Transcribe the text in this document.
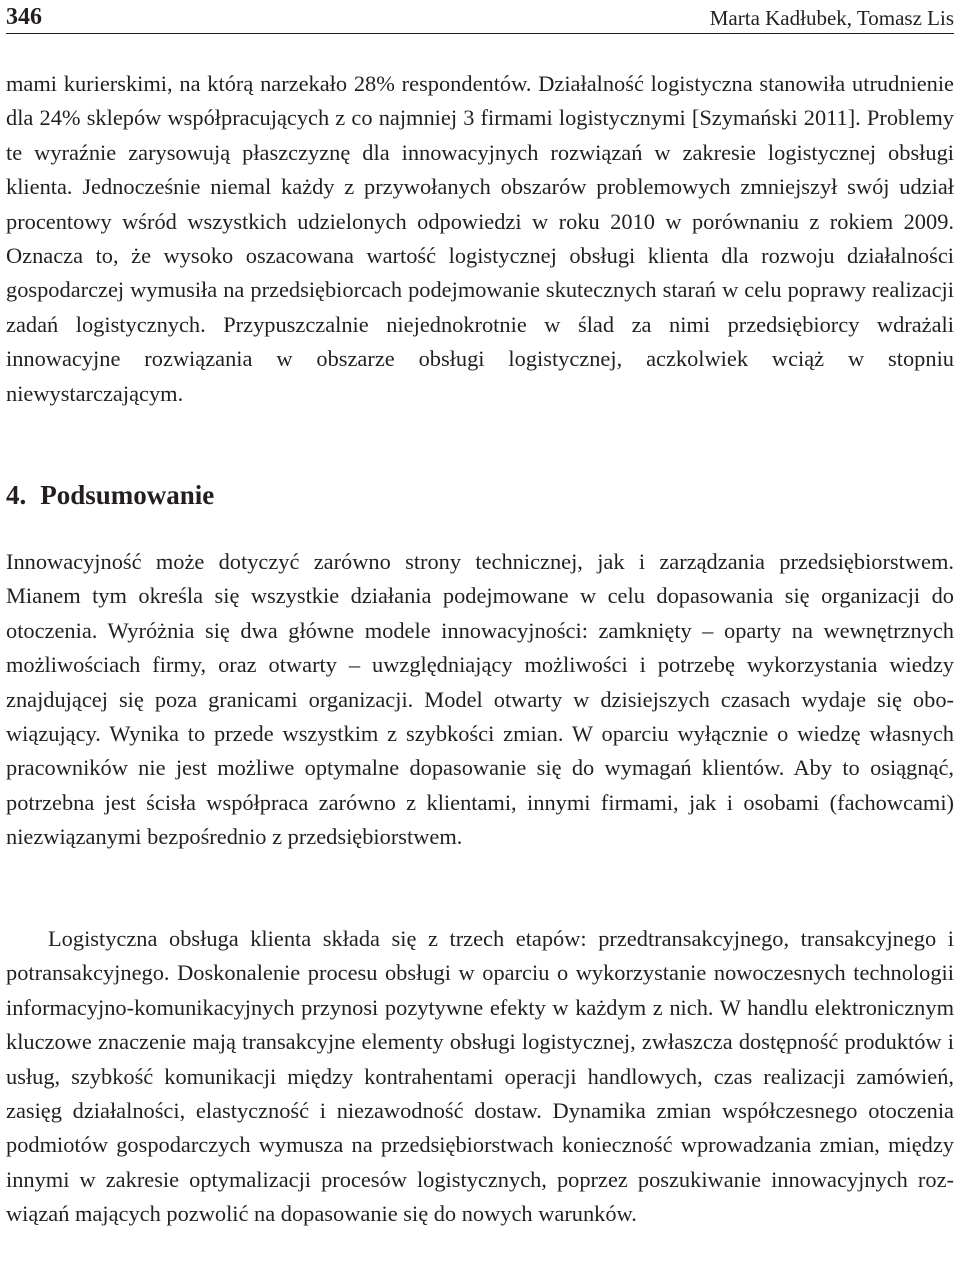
346	Marta Kadłubek, Tomasz Lis

mami kurierskimi, na którą narzekało 28% respondentów. Działalność logistyczna stanowiła utrudnienie dla 24% sklepów współpracujących z co najmniej 3 firmami logistycznymi [Szymański 2011]. Problemy te wyraźnie zarysowują płaszczyznę dla innowacyjnych rozwiązań w zakresie logistycznej obsługi klienta. Jednocześnie niemal każdy z przywołanych obszarów problemowych zmniejszył swój udział procentowy wśród wszystkich udzielonych odpowiedzi w roku 2010 w porównaniu z rokiem 2009. Oznacza to, że wysoko oszacowana wartość logistycznej obsługi klienta dla rozwoju działalności gospodarczej wymusiła na przedsiębiorcach podejmowanie skutecznych starań w celu poprawy realizacji zadań logistycznych. Przypuszczalnie niejednokrotnie w ślad za nimi przedsiębiorcy wdrażali innowacyjne rozwiązania w obszarze obsługi logistycznej, aczkolwiek wciąż w stopniu niewystarczającym.

4. Podsumowanie

Innowacyjność może dotyczyć zarówno strony technicznej, jak i zarządzania przedsiębiorstwem. Mianem tym określa się wszystkie działania podejmowane w celu dopasowania się organizacji do otoczenia. Wyróżnia się dwa główne modele innowacyjności: zamknięty – oparty na wewnętrznych możliwościach firmy, oraz otwarty – uwzględniający możliwości i potrzebę wykorzystania wiedzy znajdującej się poza granicami organizacji. Model otwarty w dzisiejszych czasach wydaje się obowiązujący. Wynika to przede wszystkim z szybkości zmian. W oparciu wyłącznie o wiedzę własnych pracowników nie jest możliwe optymalne dopasowanie się do wymagań klientów. Aby to osiągnąć, potrzebna jest ścisła współpraca zarówno z klientami, innymi firmami, jak i osobami (fachowcami) niezwiązanymi bezpośrednio z przedsiębiorstwem.

Logistyczna obsługa klienta składa się z trzech etapów: przedtransakcyjnego, transakcyjnego i potransakcyjnego. Doskonalenie procesu obsługi w oparciu o wykorzystanie nowoczesnych technologii informacyjno-komunikacyjnych przynosi pozytywne efekty w każdym z nich. W handlu elektronicznym kluczowe znaczenie mają transakcyjne elementy obsługi logistycznej, zwłaszcza dostępność produktów i usług, szybkość komunikacji między kontrahentami operacji handlowych, czas realizacji zamówień, zasięg działalności, elastyczność i niezawodność dostaw. Dynamika zmian współczesnego otoczenia podmiotów gospodarczych wymusza na przedsiębiorstwach konieczność wprowadzania zmian, między innymi w zakresie optymalizacji procesów logistycznych, poprzez poszukiwanie innowacyjnych rozwiązań mających pozwolić na dopasowanie się do nowych warunków.
